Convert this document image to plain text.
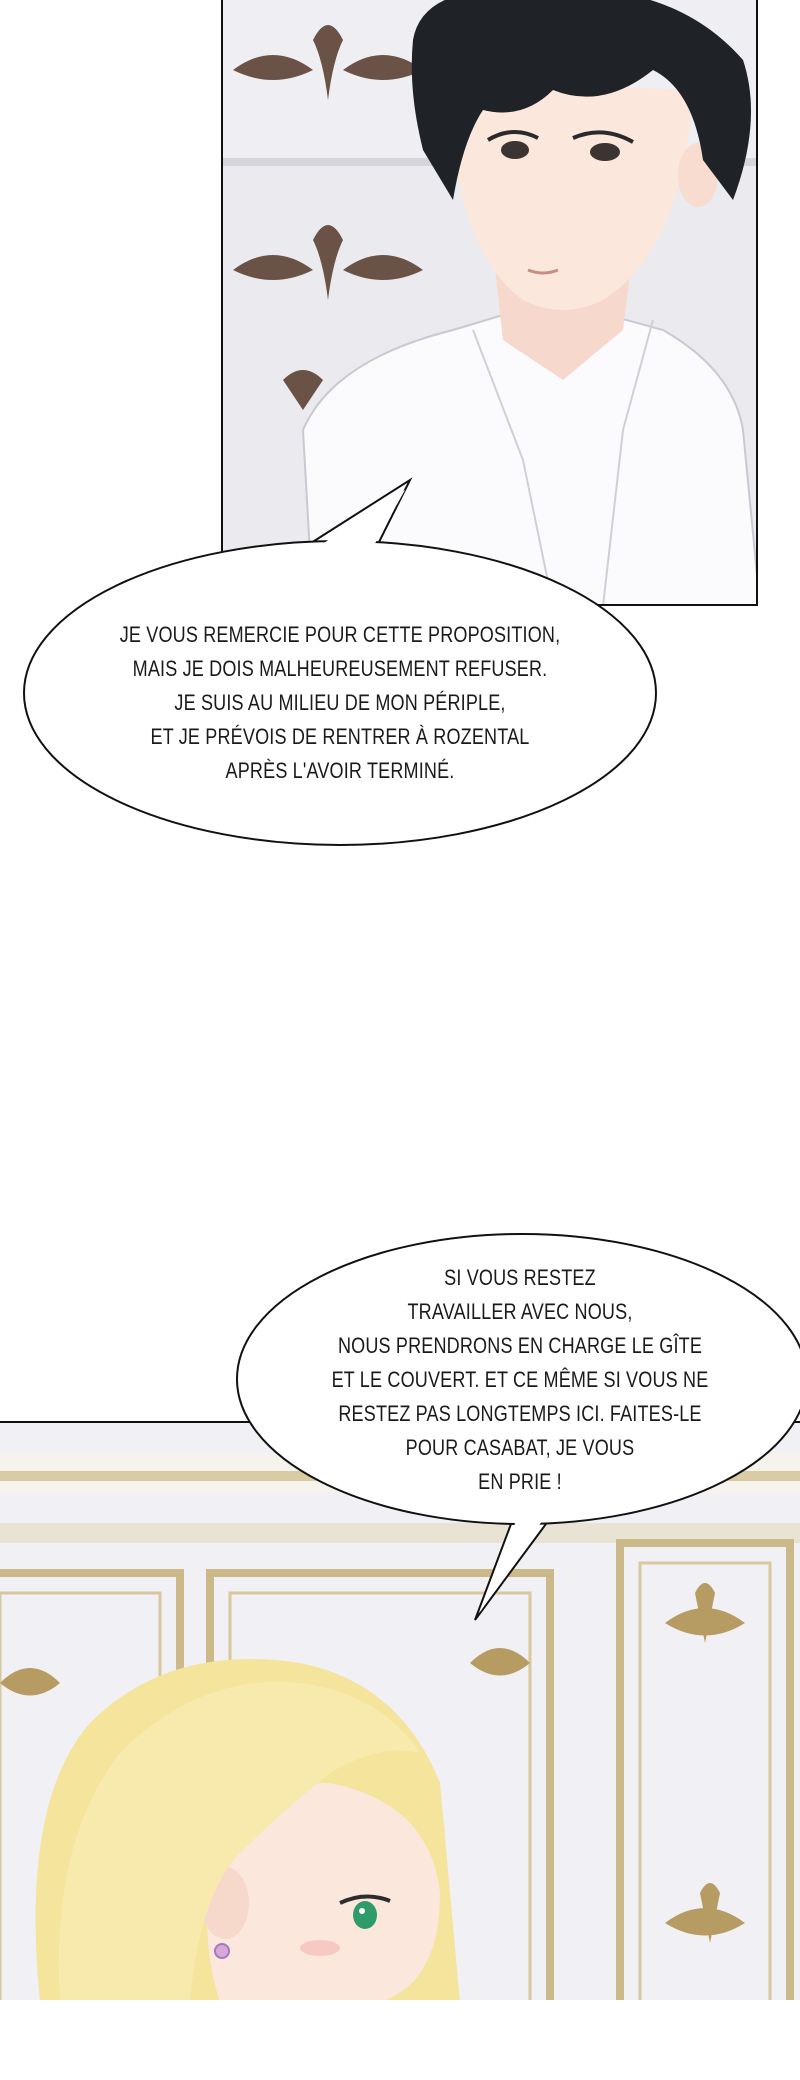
JE VOUS REMERCIE POUR CETTE PROPOSITION,
MAIS JE DOIS MALHEUREUSEMENT REFUSER.
JE SUIS AU MILIEU DE MON PÉRIPLE,
ET JE PRÉVOIS DE RENTRER À ROZENTAL
APRÈS L'AVOIR TERMINÉ.
SI VOUS RESTEZ
TRAVAILLER AVEC NOUS,
NOUS PRENDRONS EN CHARGE LE GÎTE
ET LE COUVERT. ET CE MÊME SI VOUS NE
RESTEZ PAS LONGTEMPS ICI. FAITES-LE
POUR CASABAT, JE VOUS
EN PRIE !
